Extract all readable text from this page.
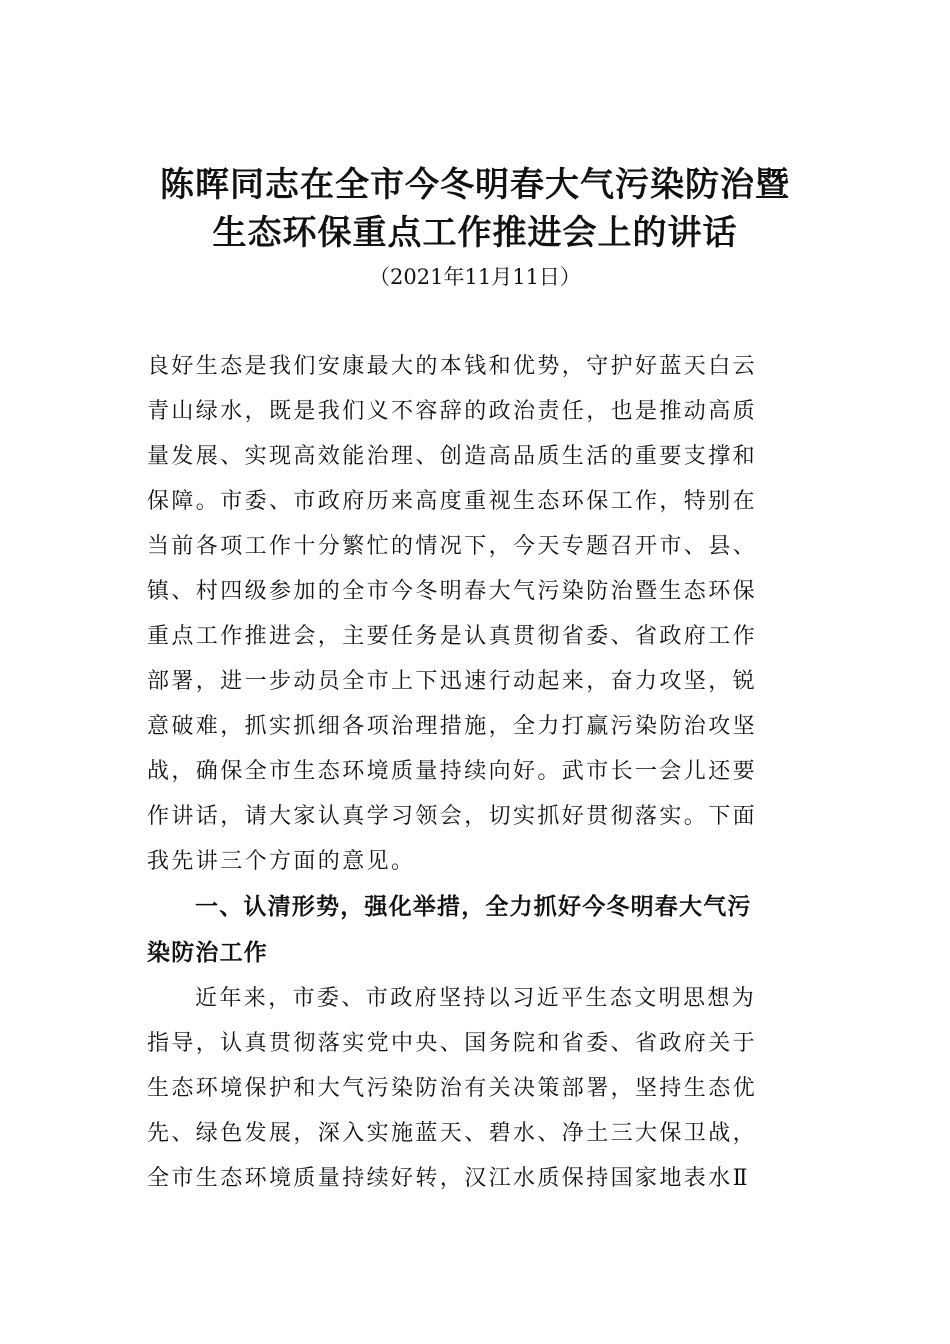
陈晖同志在全市今冬明春大气污染防治暨
生态环保重点工作推进会上的讲话
（2021年11月11日）
良好生态是我们安康最大的本钱和优势，守护好蓝天白云
青山绿水，既是我们义不容辞的政治责任，也是推动高质
量发展、实现高效能治理、创造高品质生活的重要支撑和
保障。市委、市政府历来高度重视生态环保工作，特别在
当前各项工作十分繁忙的情况下，今天专题召开市、县、
镇、村四级参加的全市今冬明春大气污染防治暨生态环保
重点工作推进会，主要任务是认真贯彻省委、省政府工作
部署，进一步动员全市上下迅速行动起来，奋力攻坚，锐
意破难，抓实抓细各项治理措施，全力打赢污染防治攻坚
战，确保全市生态环境质量持续向好。武市长一会儿还要
作讲话，请大家认真学习领会，切实抓好贯彻落实。下面
我先讲三个方面的意见。
一、认清形势，强化举措，全力抓好今冬明春大气污
染防治工作
近年来，市委、市政府坚持以习近平生态文明思想为
指导，认真贯彻落实党中央、国务院和省委、省政府关于
生态环境保护和大气污染防治有关决策部署，坚持生态优
先、绿色发展，深入实施蓝天、碧水、净土三大保卫战，
全市生态环境质量持续好转，汉江水质保持国家地表水Ⅱ
